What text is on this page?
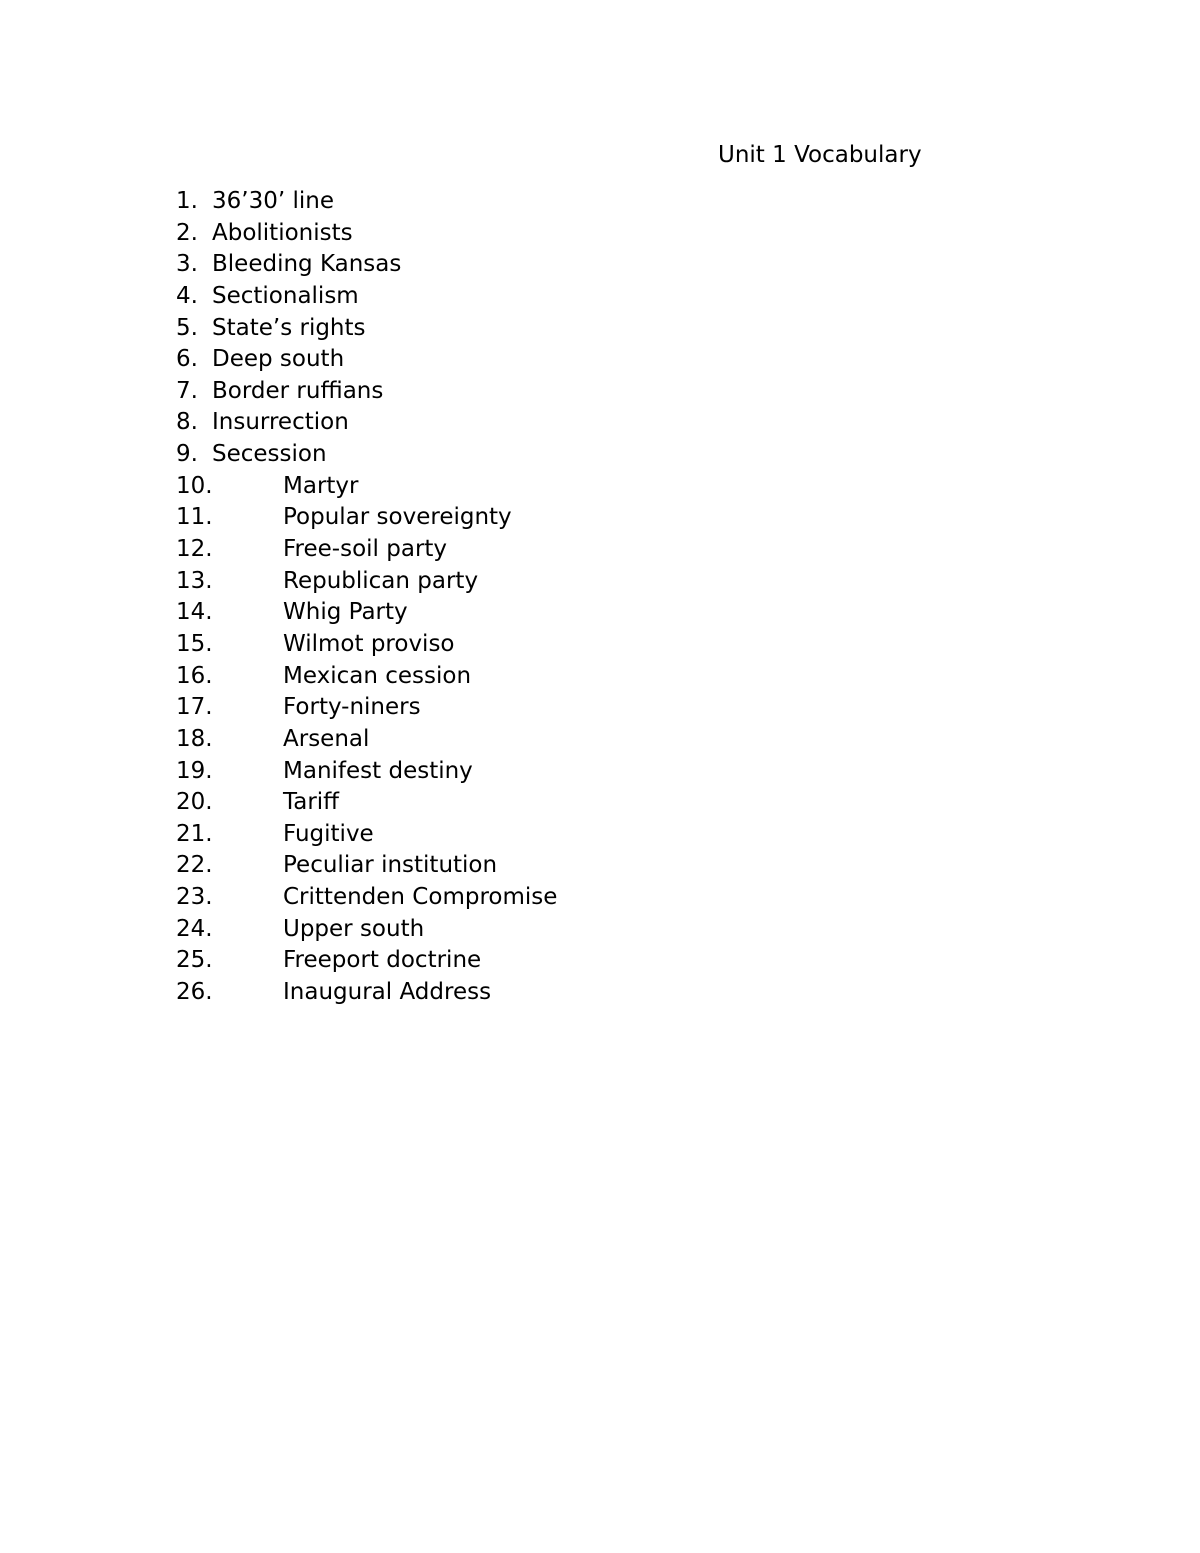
Unit 1 Vocabulary
1. 36’30’ line
2. Abolitionists
3. Bleeding Kansas
4. Sectionalism
5. State’s rights
6. Deep south
7. Border ruffians
8. Insurrection
9. Secession
10.	Martyr
11.	Popular sovereignty
12.	Free-soil party
13.	Republican party
14.	Whig Party
15.	Wilmot proviso
16.	Mexican cession
17.	Forty-niners
18.	Arsenal
19.	Manifest destiny
20.	Tariff
21.	Fugitive
22.	Peculiar institution
23.	Crittenden Compromise
24.	Upper south
25.	Freeport doctrine
26.	Inaugural Address
